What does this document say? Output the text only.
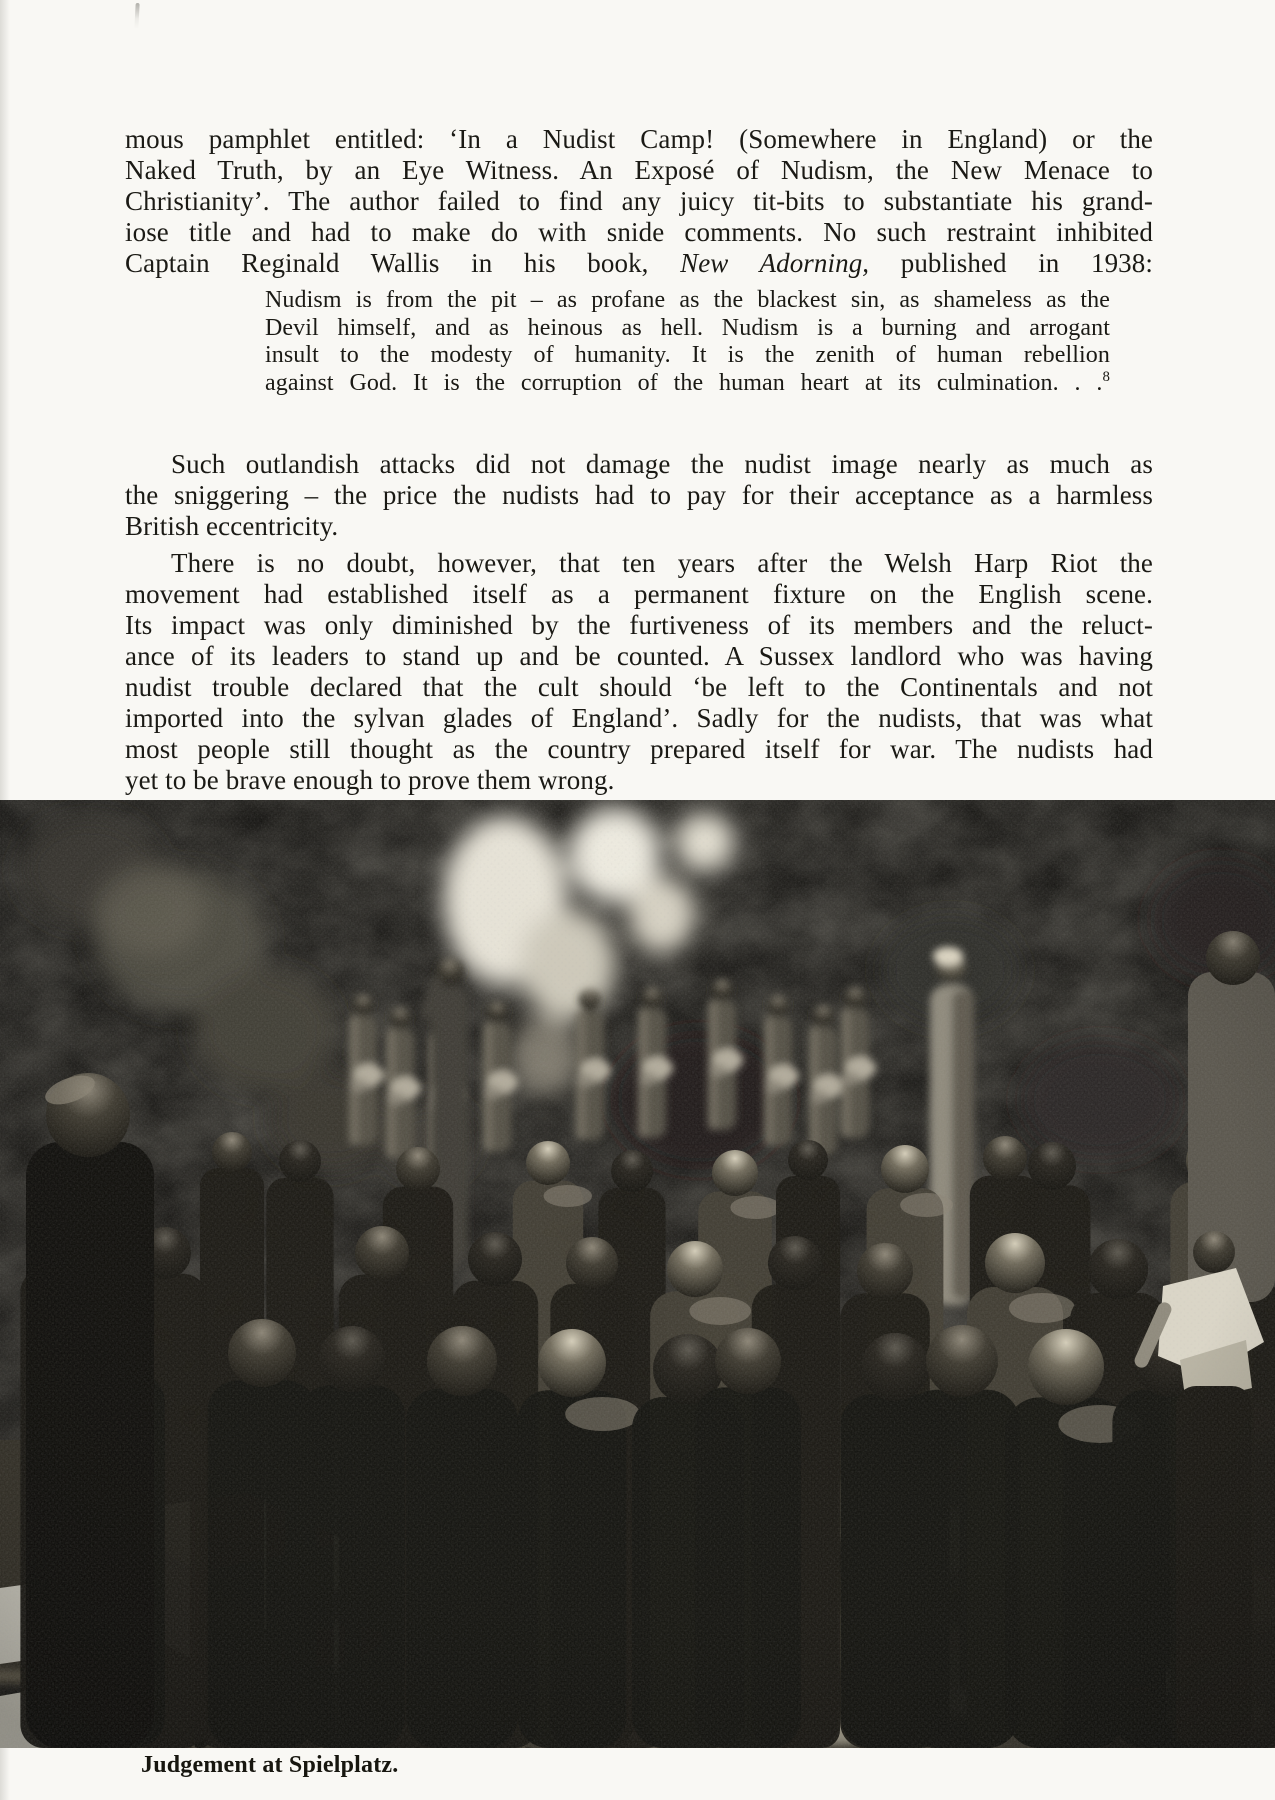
mous pamphlet entitled: ‘In a Nudist Camp! (Somewhere in England) or the
Naked Truth, by an Eye Witness. An Exposé of Nudism, the New Menace to
Christianity’. The author failed to find any juicy tit-bits to substantiate his grand-
iose title and had to make do with snide comments. No such restraint inhibited
Captain Reginald Wallis in his book, New Adorning, published in 1938:
Nudism is from the pit – as profane as the blackest sin, as shameless as the
Devil himself, and as heinous as hell. Nudism is a burning and arrogant
insult to the modesty of humanity. It is the zenith of human rebellion
against God. It is the corruption of the human heart at its culmination. . .$^8$
Such outlandish attacks did not damage the nudist image nearly as much as
the sniggering – the price the nudists had to pay for their acceptance as a harmless
British eccentricity.
There is no doubt, however, that ten years after the Welsh Harp Riot the
movement had established itself as a permanent fixture on the English scene.
Its impact was only diminished by the furtiveness of its members and the reluct-
ance of its leaders to stand up and be counted. A Sussex landlord who was having
nudist trouble declared that the cult should ‘be left to the Continentals and not
imported into the sylvan glades of England’. Sadly for the nudists, that was what
most people still thought as the country prepared itself for war. The nudists had
yet to be brave enough to prove them wrong.
Judgement at Spielplatz.
